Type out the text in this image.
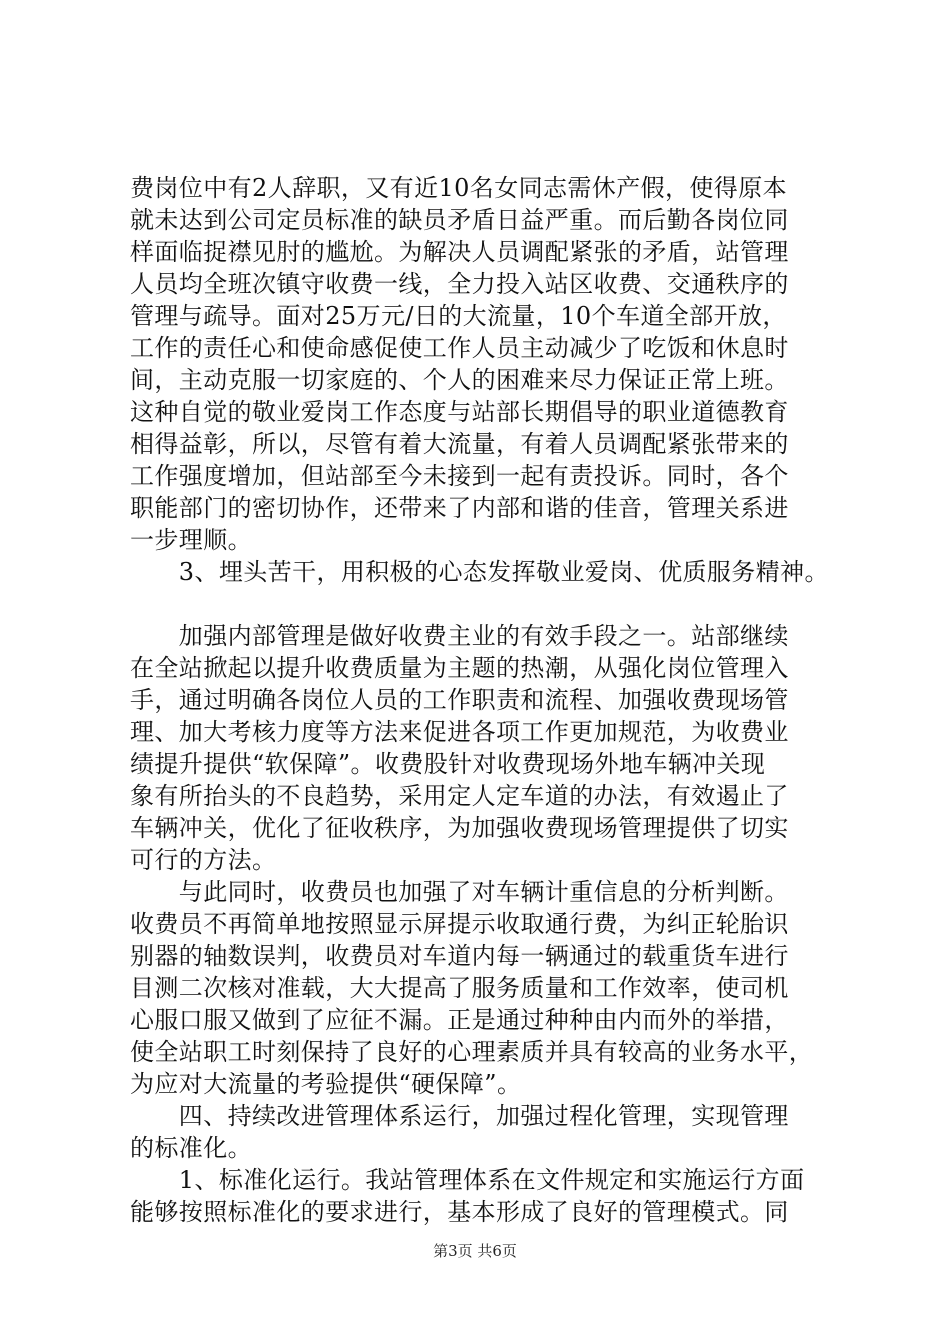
费岗位中有2人辞职，又有近10名女同志需休产假，使得原本
就未达到公司定员标准的缺员矛盾日益严重。而后勤各岗位同
样面临捉襟见肘的尴尬。为解决人员调配紧张的矛盾，站管理
人员均全班次镇守收费一线，全力投入站区收费、交通秩序的
管理与疏导。面对25万元/日的大流量，10个车道全部开放，
工作的责任心和使命感促使工作人员主动减少了吃饭和休息时
间，主动克服一切家庭的、个人的困难来尽力保证正常上班。
这种自觉的敬业爱岗工作态度与站部长期倡导的职业道德教育
相得益彰，所以，尽管有着大流量，有着人员调配紧张带来的
工作强度增加，但站部至今未接到一起有责投诉。同时，各个
职能部门的密切协作，还带来了内部和谐的佳音，管理关系进
一步理顺。
　　3、埋头苦干，用积极的心态发挥敬业爱岗、优质服务精神。
　　加强内部管理是做好收费主业的有效手段之一。站部继续
在全站掀起以提升收费质量为主题的热潮，从强化岗位管理入
手，通过明确各岗位人员的工作职责和流程、加强收费现场管
理、加大考核力度等方法来促进各项工作更加规范，为收费业
绩提升提供“软保障”。收费股针对收费现场外地车辆冲关现
象有所抬头的不良趋势，采用定人定车道的办法，有效遏止了
车辆冲关，优化了征收秩序，为加强收费现场管理提供了切实
可行的方法。
　　与此同时，收费员也加强了对车辆计重信息的分析判断。
收费员不再简单地按照显示屏提示收取通行费，为纠正轮胎识
别器的轴数误判，收费员对车道内每一辆通过的载重货车进行
目测二次核对准载，大大提高了服务质量和工作效率，使司机
心服口服又做到了应征不漏。正是通过种种由内而外的举措，
使全站职工时刻保持了良好的心理素质并具有较高的业务水平，
为应对大流量的考验提供“硬保障”。
　　四、持续改进管理体系运行，加强过程化管理，实现管理
的标准化。
　　1、标准化运行。我站管理体系在文件规定和实施运行方面
能够按照标准化的要求进行，基本形成了良好的管理模式。同
第3页 共6页
